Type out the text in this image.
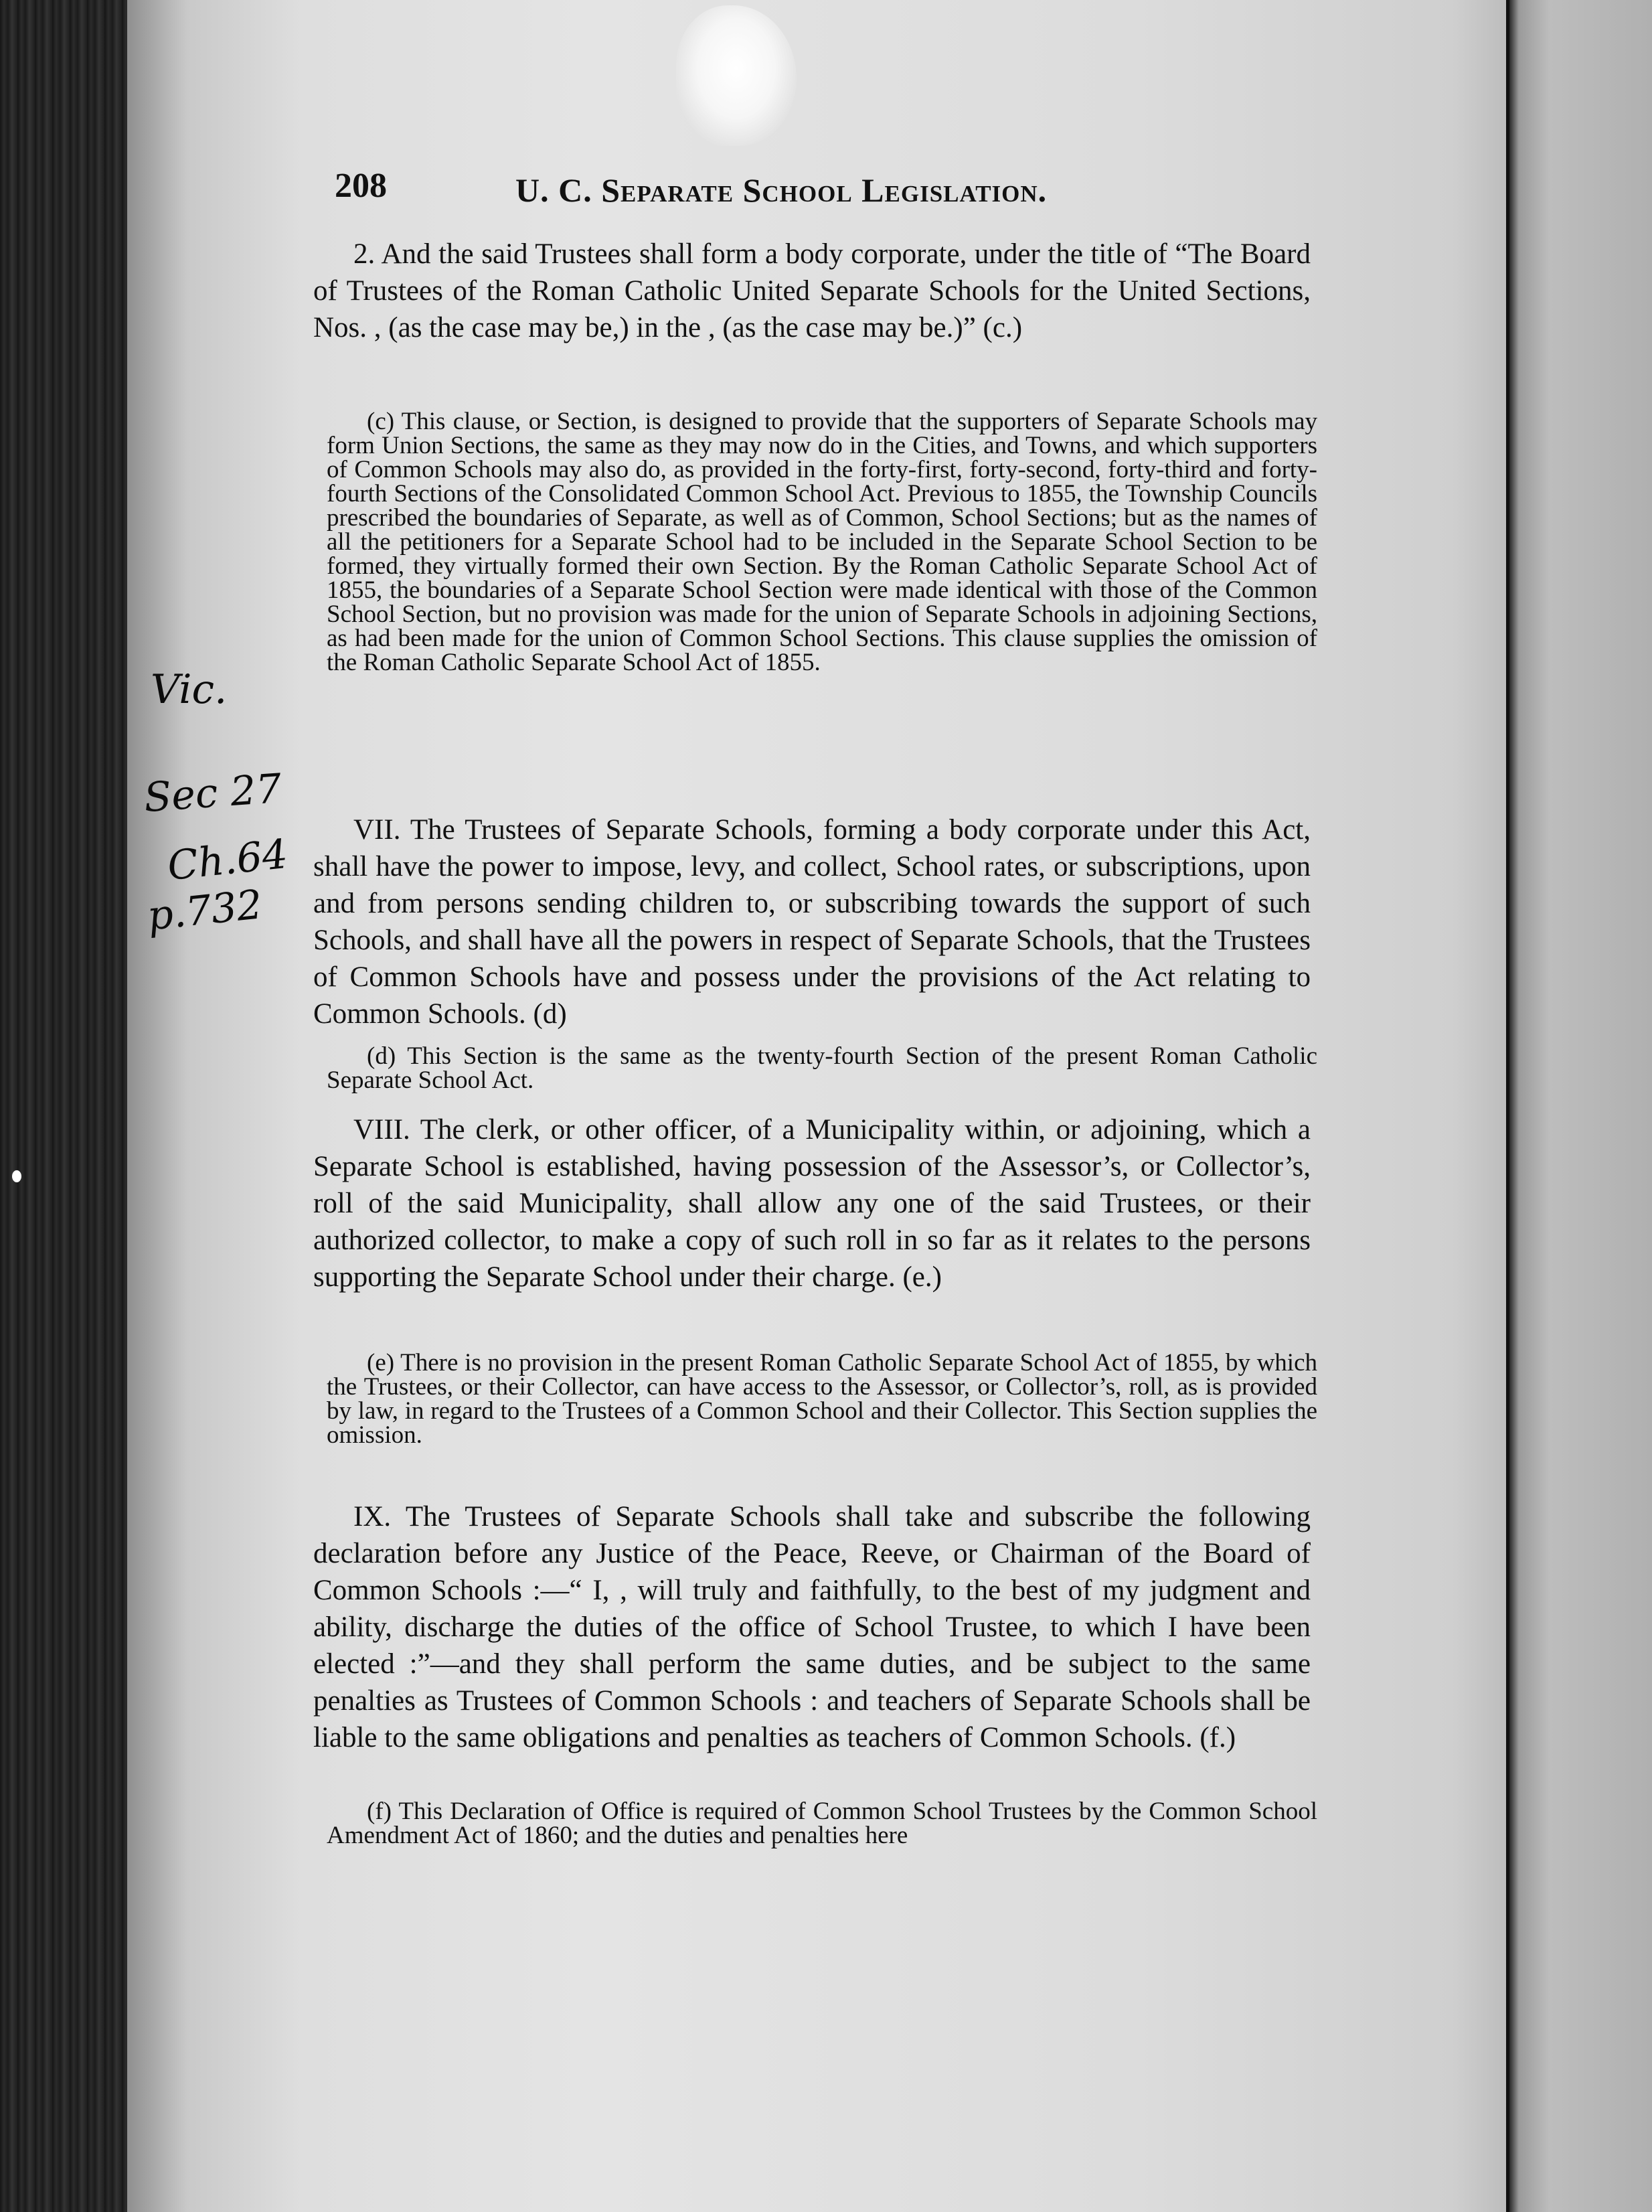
208	U. C. Separate School Legislation.

2. And the said Trustees shall form a body corporate, under the title of “The Board of Trustees of the Roman Catholic United Separate Schools for the United Sections, Nos. , (as the case may be,) in the , (as the case may be.)” (c.)

(c) This clause, or Section, is designed to provide that the supporters of Separate Schools may form Union Sections, the same as they may now do in the Cities, and Towns, and which supporters of Common Schools may also do, as provided in the forty-first, forty-second, forty-third and forty-fourth Sections of the Consolidated Common School Act. Previous to 1855, the Township Councils prescribed the boundaries of Separate, as well as of Common, School Sections; but as the names of all the petitioners for a Separate School had to be included in the Separate School Section to be formed, they virtually formed their own Section. By the Roman Catholic Separate School Act of 1855, the boundaries of a Separate School Section were made identical with those of the Common School Section, but no provision was made for the union of Separate Schools in adjoining Sections, as had been made for the union of Common School Sections. This clause supplies the omission of the Roman Catholic Separate School Act of 1855.

VII. The Trustees of Separate Schools, forming a body corporate under this Act, shall have the power to impose, levy, and collect, School rates, or subscriptions, upon and from persons sending children to, or subscribing towards the support of such Schools, and shall have all the powers in respect of Separate Schools, that the Trustees of Common Schools have and possess under the provisions of the Act relating to Common Schools. (d)

(d) This Section is the same as the twenty-fourth Section of the present Roman Catholic Separate School Act.

VIII. The clerk, or other officer, of a Municipality within, or adjoining, which a Separate School is established, having possession of the Assessor’s, or Collector’s, roll of the said Municipality, shall allow any one of the said Trustees, or their authorized collector, to make a copy of such roll in so far as it relates to the persons supporting the Separate School under their charge. (e.)

(e) There is no provision in the present Roman Catholic Separate School Act of 1855, by which the Trustees, or their Collector, can have access to the Assessor, or Collector’s, roll, as is provided by law, in regard to the Trustees of a Common School and their Collector. This Section supplies the omission.

IX. The Trustees of Separate Schools shall take and subscribe the following declaration before any Justice of the Peace, Reeve, or Chairman of the Board of Common Schools :—“ I, , will truly and faithfully, to the best of my judgment and ability, discharge the duties of the office of School Trustee, to which I have been elected :”—and they shall perform the same duties, and be subject to the same penalties as Trustees of Common Schools : and teachers of Separate Schools shall be liable to the same obligations and penalties as teachers of Common Schools. (f.)

(f) This Declaration of Office is required of Common School Trustees by the Common School Amendment Act of 1860; and the duties and penalties here

Vic.
Sec 27
Ch.64
p.732
